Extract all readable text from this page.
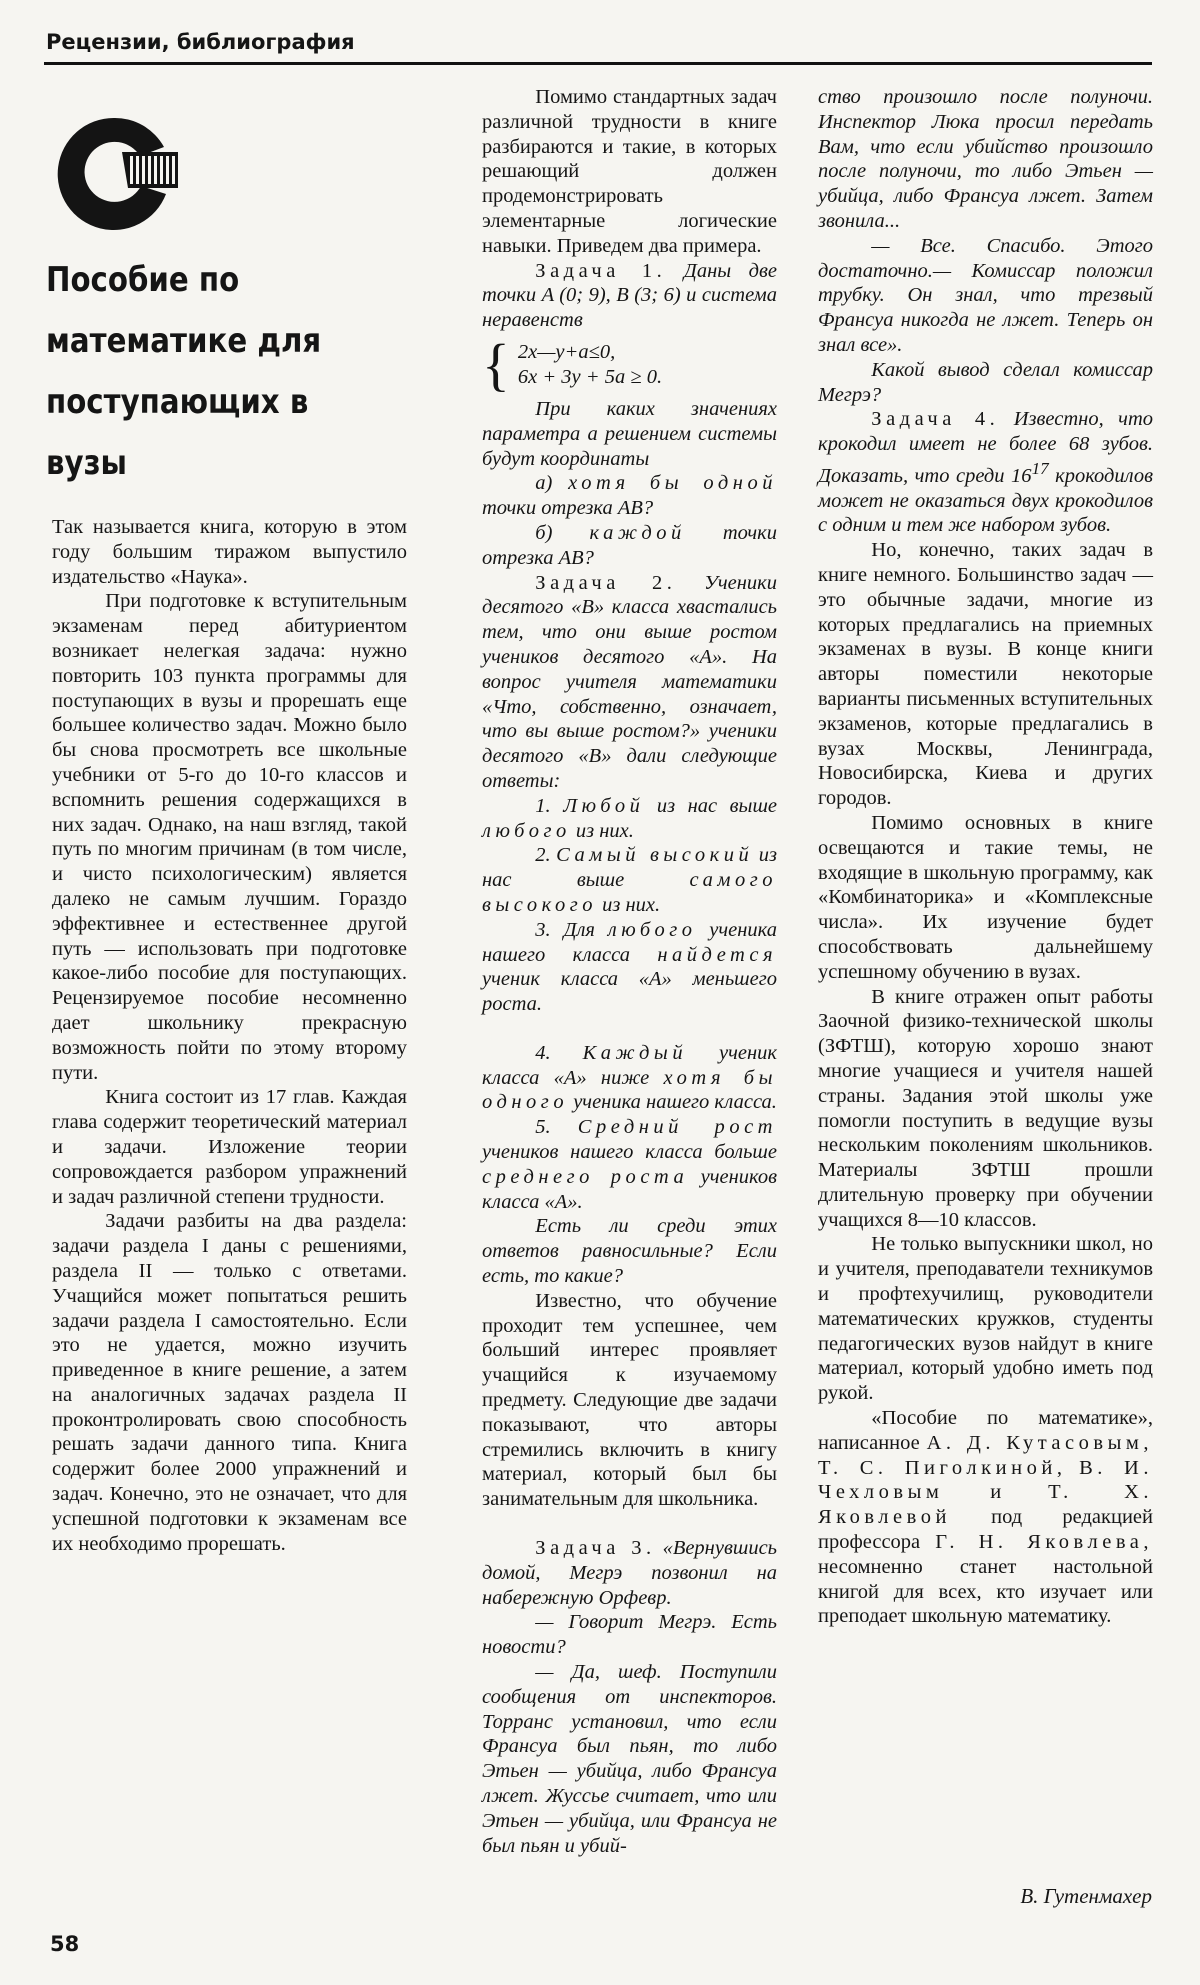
Рецензии, библиография
Пособие по математике для поступающих в вузы

Так называется книга, которую в этом году большим тиражом выпустило издательство «Наука».

При подготовке к вступительным экзаменам перед абитуриентом возникает нелегкая задача: нужно повторить 103 пункта программы для поступающих в вузы и прорешать еще большее количество задач. Можно было бы снова просмотреть все школьные учебники от 5-го до 10-го классов и вспомнить решения содержащихся в них задач. Однако, на наш взгляд, такой путь по многим причинам (в том числе, и чисто психологическим) является далеко не самым лучшим. Гораздо эффективнее и естественнее другой путь — использовать при подготовке какое-либо пособие для поступающих. Рецензируемое пособие несомненно дает школьнику прекрасную возможность пойти по этому второму пути.

Книга состоит из 17 глав. Каждая глава содержит теоретический материал и задачи. Изложение теории сопровождается разбором упражнений и задач различной степени трудности.

Задачи разбиты на два раздела: задачи раздела I даны с решениями, раздела II — только с ответами. Учащийся может попытаться решить задачи раздела I самостоятельно. Если это не удается, можно изучить приведенное в книге решение, а затем на аналогичных задачах раздела II проконтролировать свою способность решать задачи данного типа. Книга содержит более 2000 упражнений и задач. Конечно, это не означает, что для успешной подготовки к экзаменам все их необходимо прорешать.

Помимо стандартных задач различной трудности в книге разбираются и такие, в которых решающий должен продемонстрировать элементарные логические навыки. Приведем два примера.

Задача 1. Даны две точки A (0; 9), B (3; 6) и система неравенств

{ 2x—y+a≤0,
6x + 3y + 5a ≥ 0.

При каких значениях параметра a решением системы будут координаты

а) хотя бы одной точки отрезка AB?

б) каждой точки отрезка AB?

Задача 2. Ученики десятого «В» класса хвастались тем, что они выше ростом учеников десятого «А». На вопрос учителя математики «Что, собственно, означает, что вы выше ростом?» ученики десятого «В» дали следующие ответы:

1. Любой из нас выше любого из них.

2. Самый высокий из нас выше	самого высокого из них.

3. Для любого ученика нашего класса найдется ученик класса «А» меньшего роста.

4. Каждый ученик класса «А» ниже хотя бы одного ученика нашего класса.

5. Средний рост учеников нашего класса больше среднего роста учеников класса «А».

Есть ли среди этих ответов равносильные? Если есть, то какие?

Известно, что обучение проходит тем успешнее, чем больший интерес проявляет учащийся к изучаемому предмету. Следующие две задачи показывают, что авторы стремились включить в книгу материал, который был бы занимательным для школьника.

Задача 3. «Вернувшись домой, Мегрэ позвонил на набережную Орфевр.

— Говорит Мегрэ. Есть новости?

— Да, шеф. Поступили сообщения от инспекторов. Торранс установил, что если Франсуа был пьян, то либо Этьен — убийца, либо Франсуа лжет. Жуссье считает, что или Этьен — убийца, или Франсуа не был пьян и убий-

ство произошло после полуночи. Инспектор Люка просил передать Вам, что если убийство произошло после полуночи, то либо Этьен — убийца, либо Франсуа лжет. Затем звонила...

— Все. Спасибо. Этого достаточно.— Комиссар положил трубку. Он знал, что трезвый Франсуа никогда не лжет. Теперь он знал все».

Какой вывод сделал комиссар Мегрэ?

Задача 4. Известно, что крокодил имеет не более 68 зубов. Доказать, что среди $16^{17}$ крокодилов может не оказаться двух крокодилов с одним и тем же набором зубов.

Но, конечно, таких задач в книге немного. Большинство задач — это обычные задачи, многие из которых предлагались на приемных экзаменах в вузы. В конце книги авторы поместили некоторые варианты письменных вступительных экзаменов, которые предлагались в вузах Москвы, Ленинграда, Новосибирска, Киева и других городов.

Помимо основных в книге освещаются и такие темы, не входящие в школьную программу, как «Комбинаторика» и «Комплексные числа». Их изучение будет способствовать дальнейшему успешному обучению в вузах.

В книге отражен опыт работы Заочной физико-технической школы (ЗФТШ), которую хорошо знают многие учащиеся и учителя нашей страны. Задания этой школы уже помогли поступить в ведущие вузы нескольким поколениям школьников. Материалы ЗФТШ прошли длительную проверку при обучении учащихся 8—10 классов.

Не только выпускники школ, но и учителя, преподаватели техникумов и профтехучилищ, руководители математических кружков, студенты педагогических вузов найдут в книге материал, который удобно иметь под рукой.

«Пособие по математике», написанное А. Д. Кутасовым, Т. С. Пиголкиной, В. И. Чехловым и Т. Х. Яковлевой под редакцией профессора Г. Н. Яковлева, несомненно станет настольной книгой для всех, кто изучает или преподает школьную математику.

В. Гутенмахер
58
